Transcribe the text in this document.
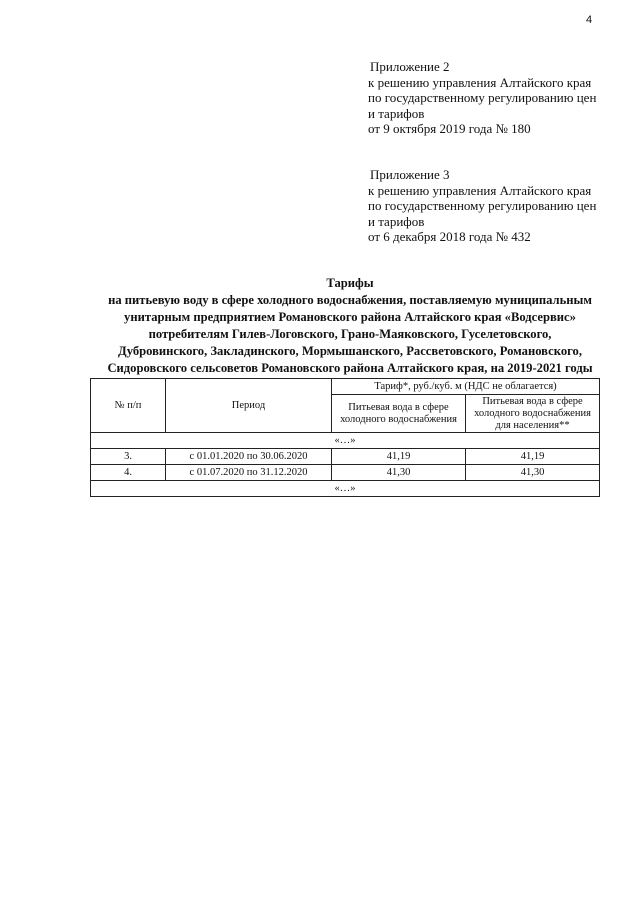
4
Приложение 2
к решению управления Алтайского края
по государственному регулированию цен
и тарифов
от 9 октября 2019 года № 180
Приложение 3
к решению управления Алтайского края
по государственному регулированию цен
и тарифов
от 6 декабря 2018 года № 432
Тарифы
на питьевую воду в сфере холодного водоснабжения, поставляемую муниципальным
унитарным предприятием Романовского района Алтайского края «Водсервис»
потребителям Гилев-Логовского, Грано-Маяковского, Гуселетовского,
Дубровинского, Закладинского, Мормышанского, Рассветовского, Романовского,
Сидоровского сельсоветов Романовского района Алтайского края, на 2019-2021 годы
№ п/п	Период	Тариф*, руб./куб. м (НДС не облагается)	
		Питьевая вода в сфере холодного водоснабжения	Питьевая вода в сфере холодного водоснабжения для населения**
«…»			
3.	с 01.01.2020 по 30.06.2020	41,19	41,19
4.	с 01.07.2020 по 31.12.2020	41,30	41,30
«…»			
